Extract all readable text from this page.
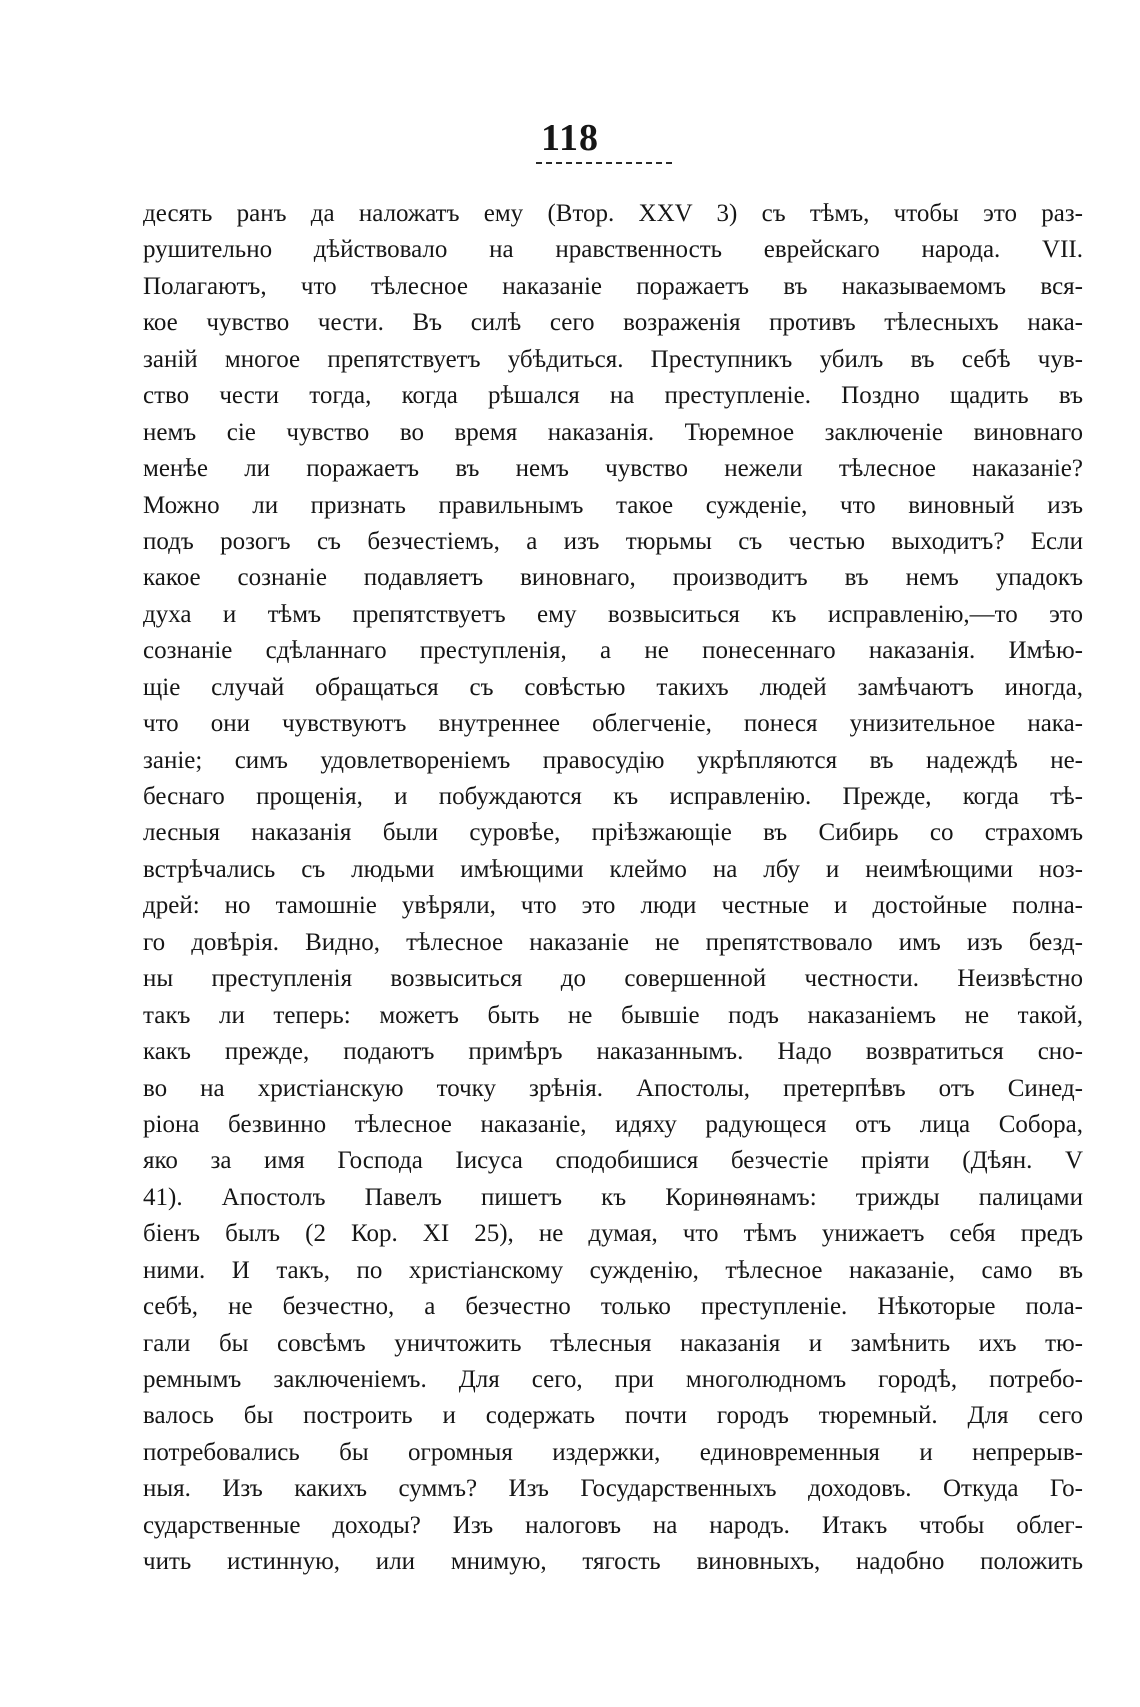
118
десять ранъ да наложатъ ему (Втор. XXV 3) съ тѣмъ, чтобы это раз-
рушительно дѣйствовало на нравственность еврейскаго народа. VII.
Полагаютъ, что тѣлесное наказаніе поражаетъ въ наказываемомъ вся-
кое чувство чести. Въ силѣ сего возраженія противъ тѣлесныхъ нака-
заній многое препятствуетъ убѣдиться. Преступникъ убилъ въ себѣ чув-
ство чести тогда, когда рѣшался на преступленіе. Поздно щадить въ
немъ сіе чувство во время наказанія. Тюремное заключеніе виновнаго
менѣе ли поражаетъ въ немъ чувство нежели тѣлесное наказаніе?
Можно ли признать правильнымъ такое сужденіе, что виновный изъ
подъ розогъ съ безчестіемъ, а изъ тюрьмы съ честью выходитъ? Если
какое сознаніе подавляетъ виновнаго, производитъ въ немъ упадокъ
духа и тѣмъ препятствуетъ ему возвыситься къ исправленію,—то это
сознаніе сдѣланнаго преступленія, а не понесеннаго наказанія. Имѣю-
щіе случай обращаться съ совѣстью такихъ людей замѣчаютъ иногда,
что они чувствуютъ внутреннее облегченіе, понеся унизительное нака-
заніе; симъ удовлетвореніемъ правосудію укрѣпляются въ надеждѣ не-
беснаго прощенія, и побуждаются къ исправленію. Прежде, когда тѣ-
лесныя наказанія были суровѣе, пріѣзжающіе въ Сибирь со страхомъ
встрѣчались съ людьми имѣющими клеймо на лбу и неимѣющими ноз-
дрей: но тамошніе увѣряли, что это люди честные и достойные полна-
го довѣрія. Видно, тѣлесное наказаніе не препятствовало имъ изъ безд-
ны преступленія возвыситься до совершенной честности. Неизвѣстно
такъ ли теперь: можетъ быть не бывшіе подъ наказаніемъ не такой,
какъ прежде, подаютъ примѣръ наказаннымъ. Надо возвратиться сно-
во на христіанскую точку зрѣнія. Апостолы, претерпѣвъ отъ Синед-
ріона безвинно тѣлесное наказаніе, идяху радующеся отъ лица Собора,
яко за имя Господа Іисуса сподобишися безчестіе пріяти (Дѣян. V
41). Апостолъ Павелъ пишетъ къ Коринѳянамъ: трижды палицами
біенъ былъ (2 Кор. XI 25), не думая, что тѣмъ унижаетъ себя предъ
ними. И такъ, по христіанскому сужденію, тѣлесное наказаніе, само въ
себѣ, не безчестно, а безчестно только преступленіе. Нѣкоторые пола-
гали бы совсѣмъ уничтожить тѣлесныя наказанія и замѣнить ихъ тю-
ремнымъ заключеніемъ. Для сего, при многолюдномъ городѣ, потребо-
валось бы построить и содержать почти городъ тюремный. Для сего
потребовались бы огромныя издержки, единовременныя и непрерыв-
ныя. Изъ какихъ суммъ? Изъ Государственныхъ доходовъ. Откуда Го-
сударственные доходы? Изъ налоговъ на народъ. Итакъ чтобы облег-
чить истинную, или мнимую, тягость виновныхъ, надобно положить
